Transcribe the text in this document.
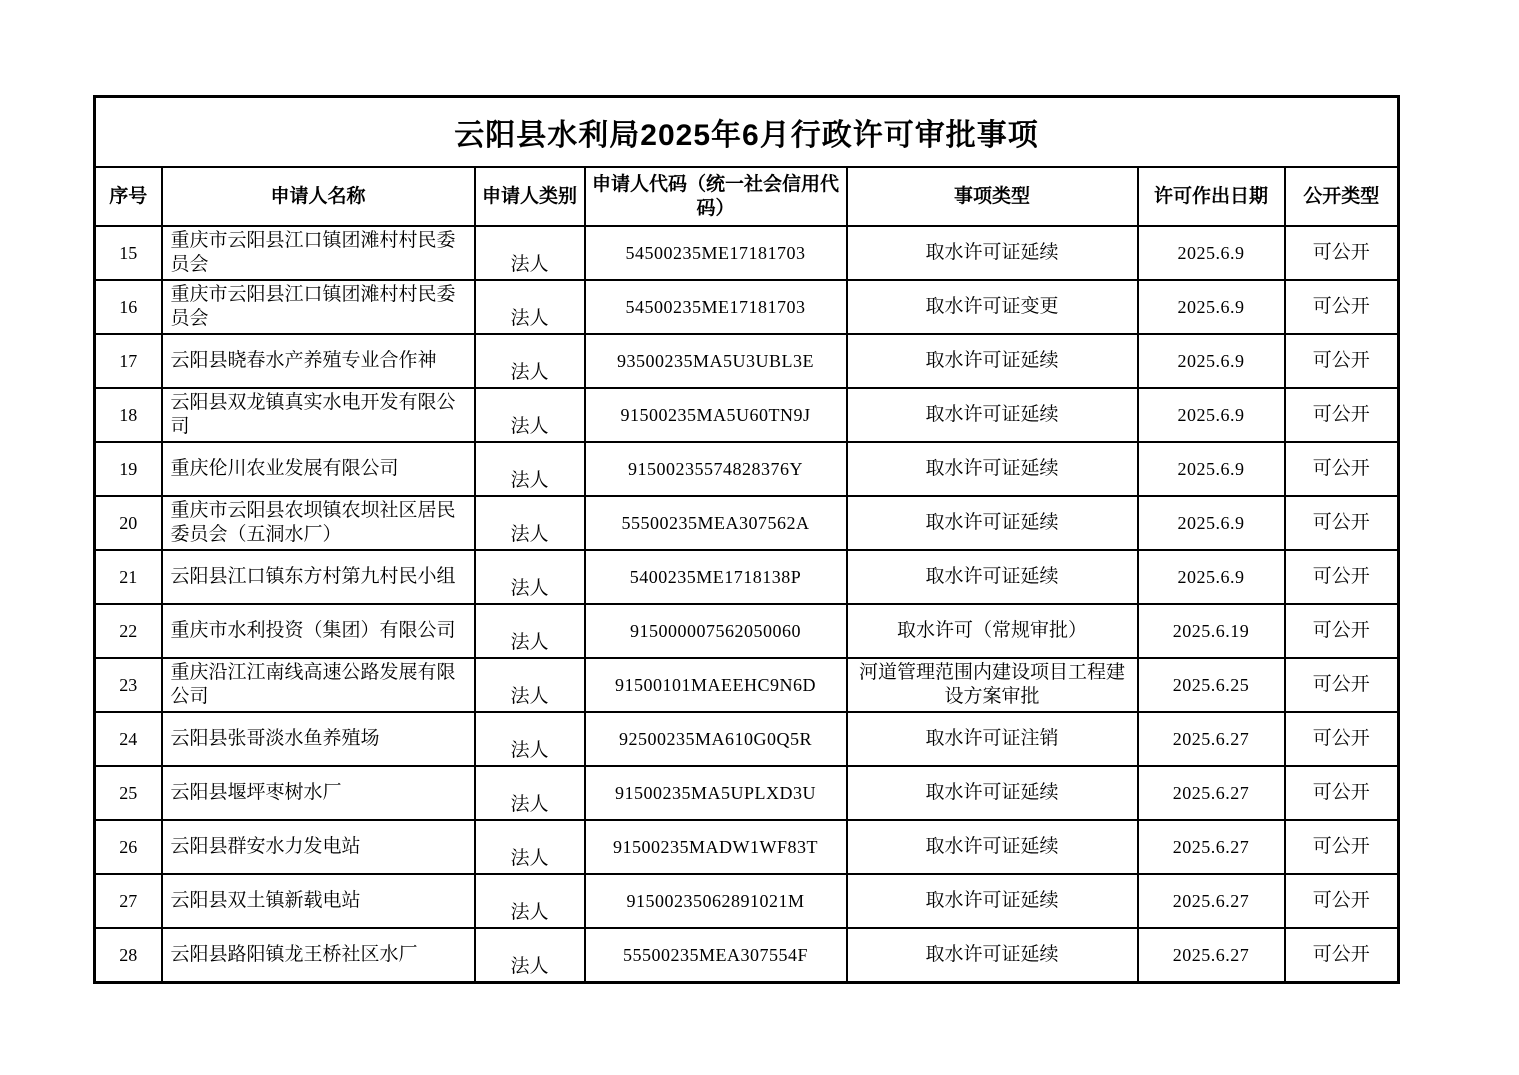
云阳县水利局2025年6月行政许可审批事项						
序号	申请人名称	申请人类别	申请人代码（统一社会信用代码）	事项类型	许可作出日期	公开类型
15	重庆市云阳县江口镇团滩村村民委员会	法人	54500235ME17181703	取水许可证延续	2025.6.9	可公开
16	重庆市云阳县江口镇团滩村村民委员会	法人	54500235ME17181703	取水许可证变更	2025.6.9	可公开
17	云阳县晓春水产养殖专业合作神	法人	93500235MA5U3UBL3E	取水许可证延续	2025.6.9	可公开
18	云阳县双龙镇真实水电开发有限公司	法人	91500235MA5U60TN9J	取水许可证延续	2025.6.9	可公开
19	重庆伦川农业发展有限公司	法人	91500235574828376Y	取水许可证延续	2025.6.9	可公开
20	重庆市云阳县农坝镇农坝社区居民委员会（五洞水厂）	法人	55500235MEA307562A	取水许可证延续	2025.6.9	可公开
21	云阳县江口镇东方村第九村民小组	法人	5400235ME1718138P	取水许可证延续	2025.6.9	可公开
22	重庆市水利投资（集团）有限公司	法人	915000007562050060	取水许可（常规审批）	2025.6.19	可公开
23	重庆沿江江南线高速公路发展有限公司	法人	91500101MAEEHC9N6D	河道管理范围内建设项目工程建设方案审批	2025.6.25	可公开
24	云阳县张哥淡水鱼养殖场	法人	92500235MA610G0Q5R	取水许可证注销	2025.6.27	可公开
25	云阳县堰坪枣树水厂	法人	91500235MA5UPLXD3U	取水许可证延续	2025.6.27	可公开
26	云阳县群安水力发电站	法人	91500235MADW1WF83T	取水许可证延续	2025.6.27	可公开
27	云阳县双土镇新载电站	法人	91500235062891021M	取水许可证延续	2025.6.27	可公开
28	云阳县路阳镇龙王桥社区水厂	法人	55500235MEA307554F	取水许可证延续	2025.6.27	可公开
